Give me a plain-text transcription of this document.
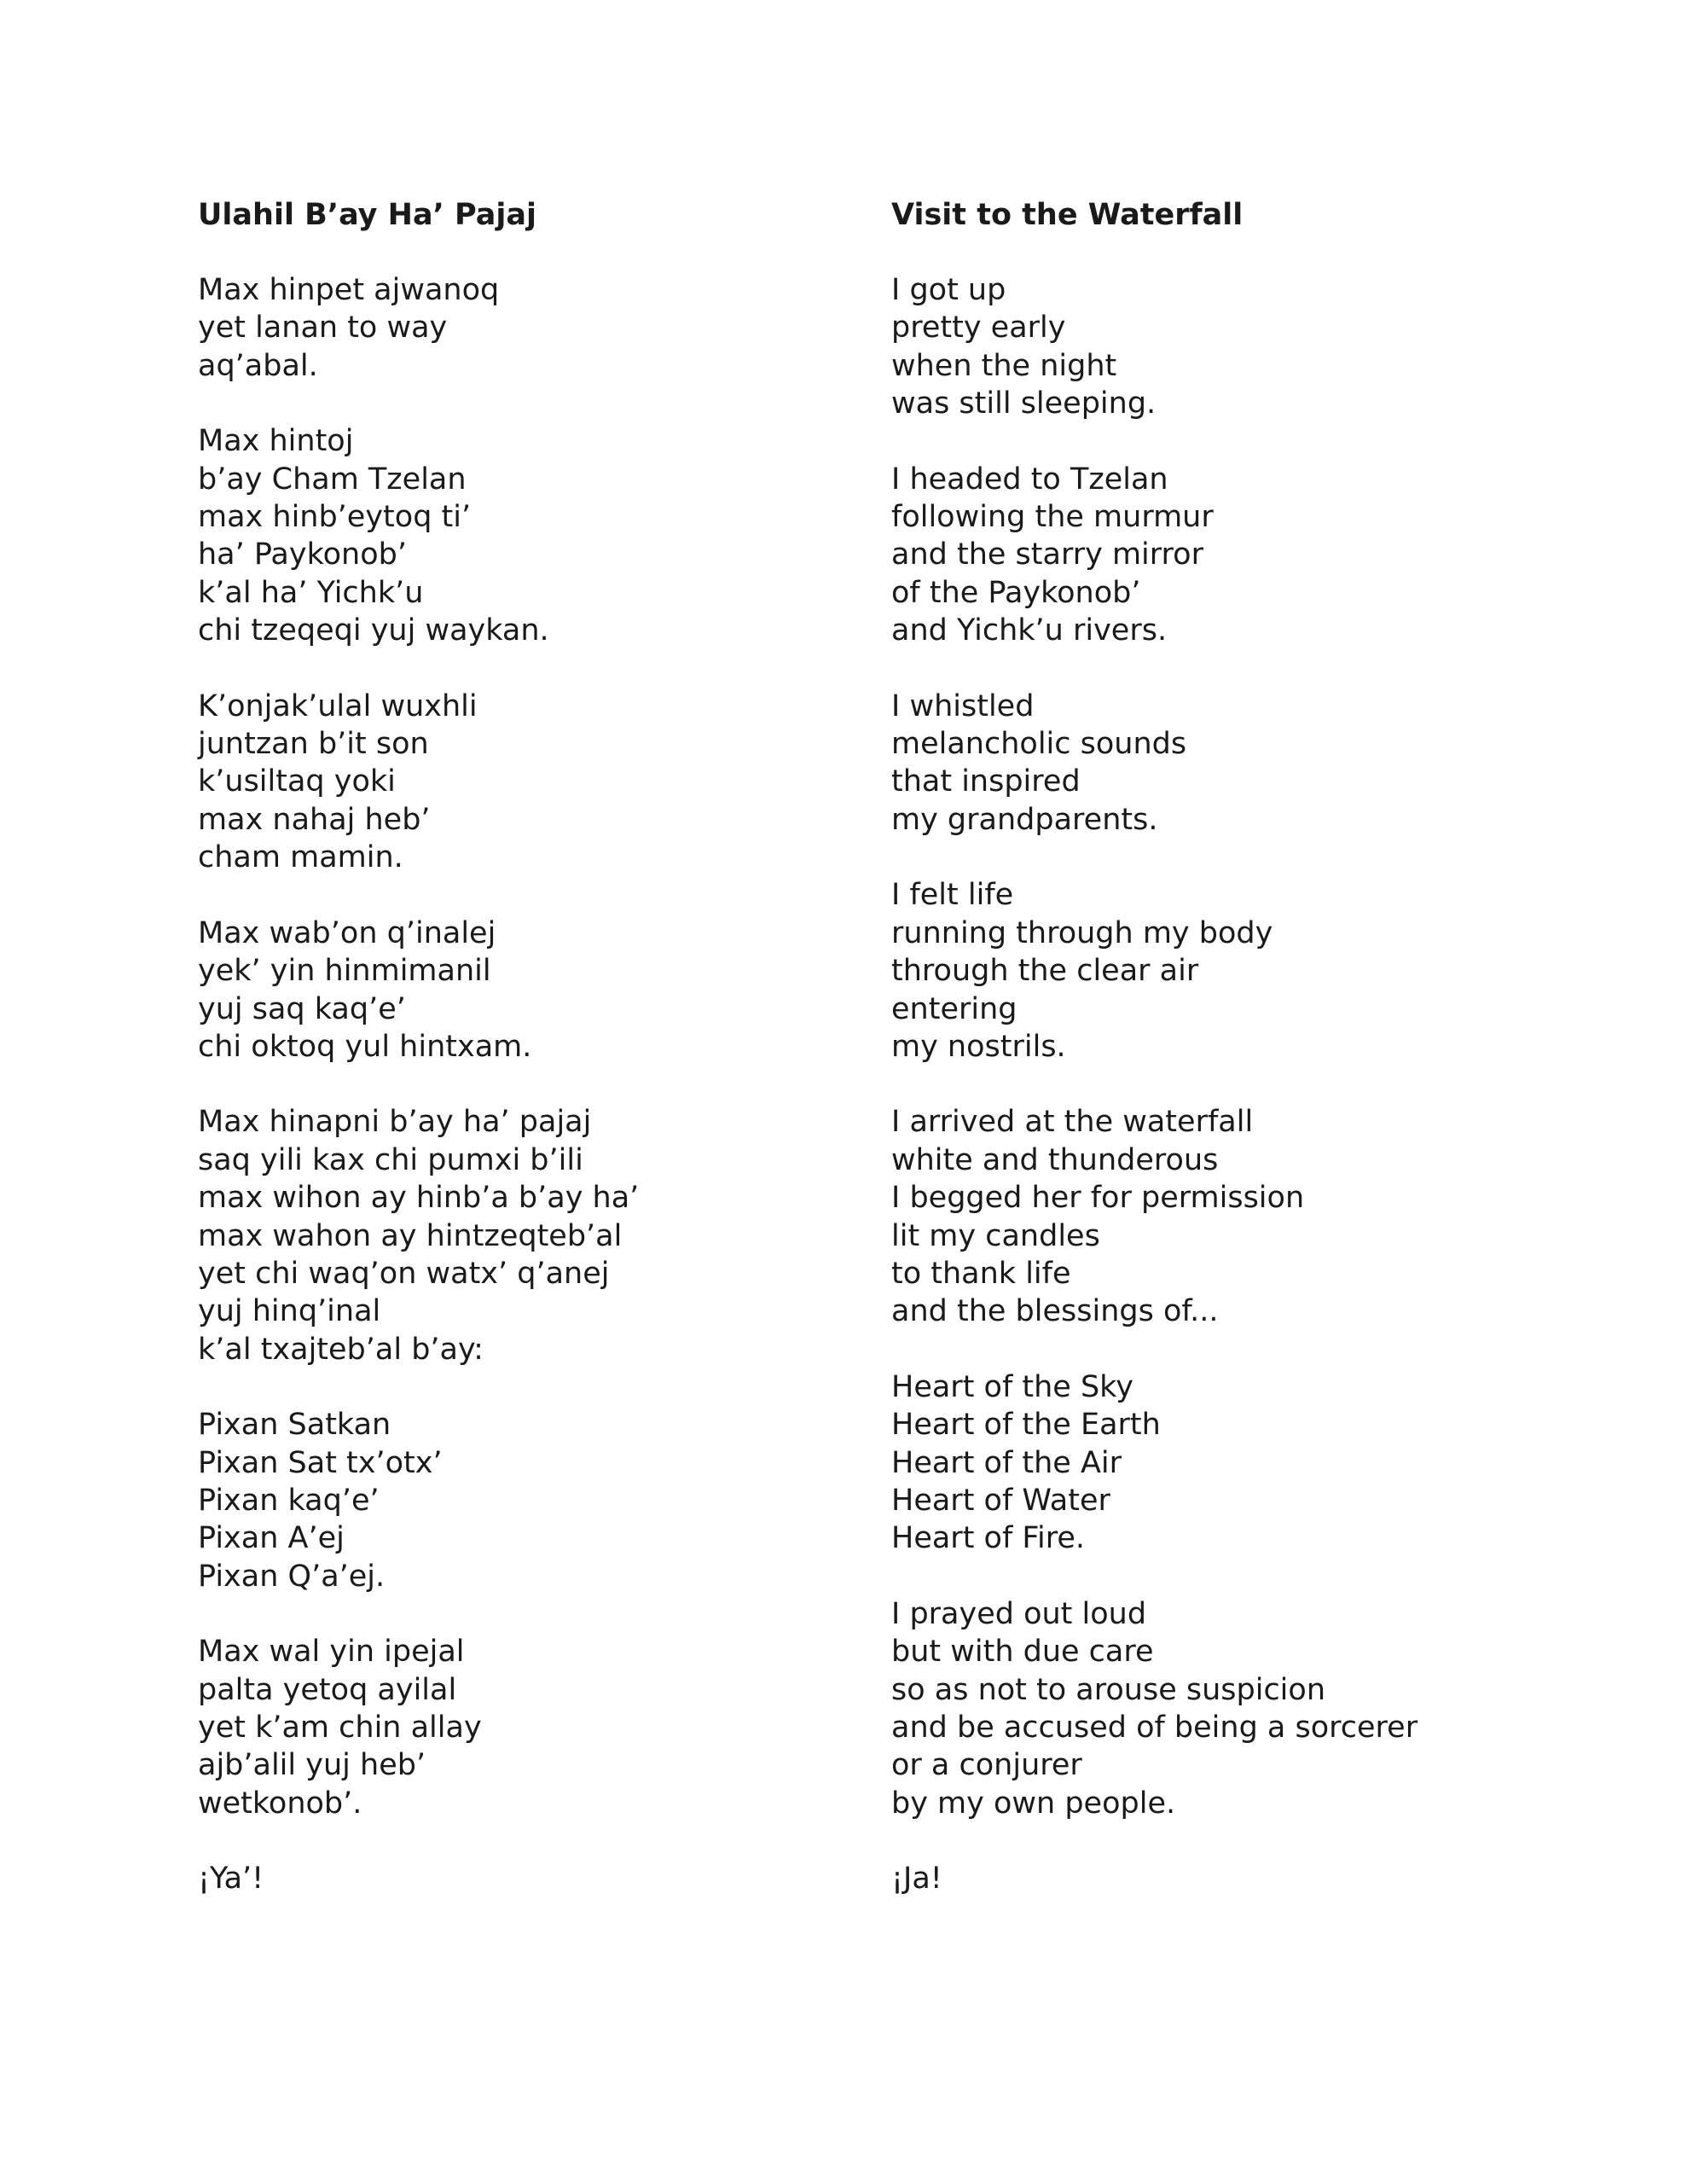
Ulahil B’ay Ha’ Pajaj
Max hinpet ajwanoq
yet lanan to way
aq’abal.
Max hintoj
b’ay Cham Tzelan
max hinb’eytoq ti’
ha’ Paykonob’
k’al ha’ Yichk’u
chi tzeqeqi yuj waykan.
K’onjak’ulal wuxhli
juntzan b’it son
k’usiltaq yoki
max nahaj heb’
cham mamin.
Max wab’on q’inalej
yek’ yin hinmimanil
yuj saq kaq’e’
chi oktoq yul hintxam.
Max hinapni b’ay ha’ pajaj
saq yili kax chi pumxi b’ili
max wihon ay hinb’a b’ay ha’
max wahon ay hintzeqteb’al
yet chi waq’on watx’ q’anej
yuj hinq’inal
k’al txajteb’al b’ay:
Pixan Satkan
Pixan Sat tx’otx’
Pixan kaq’e’
Pixan A’ej
Pixan Q’a’ej.
Max wal yin ipejal
palta yetoq ayilal
yet k’am chin allay
ajb’alil yuj heb’
wetkonob’.
¡Ya’!
Visit to the Waterfall
I got up
pretty early
when the night
was still sleeping.
I headed to Tzelan
following the murmur
and the starry mirror
of the Paykonob’
and Yichk’u rivers.
I whistled
melancholic sounds
that inspired
my grandparents.
I felt life
running through my body
through the clear air
entering
my nostrils.
I arrived at the waterfall
white and thunderous
I begged her for permission
lit my candles
to thank life
and the blessings of...
Heart of the Sky
Heart of the Earth
Heart of the Air
Heart of Water
Heart of Fire.
I prayed out loud
but with due care
so as not to arouse suspicion
and be accused of being a sorcerer
or a conjurer
by my own people.
¡Ja!
